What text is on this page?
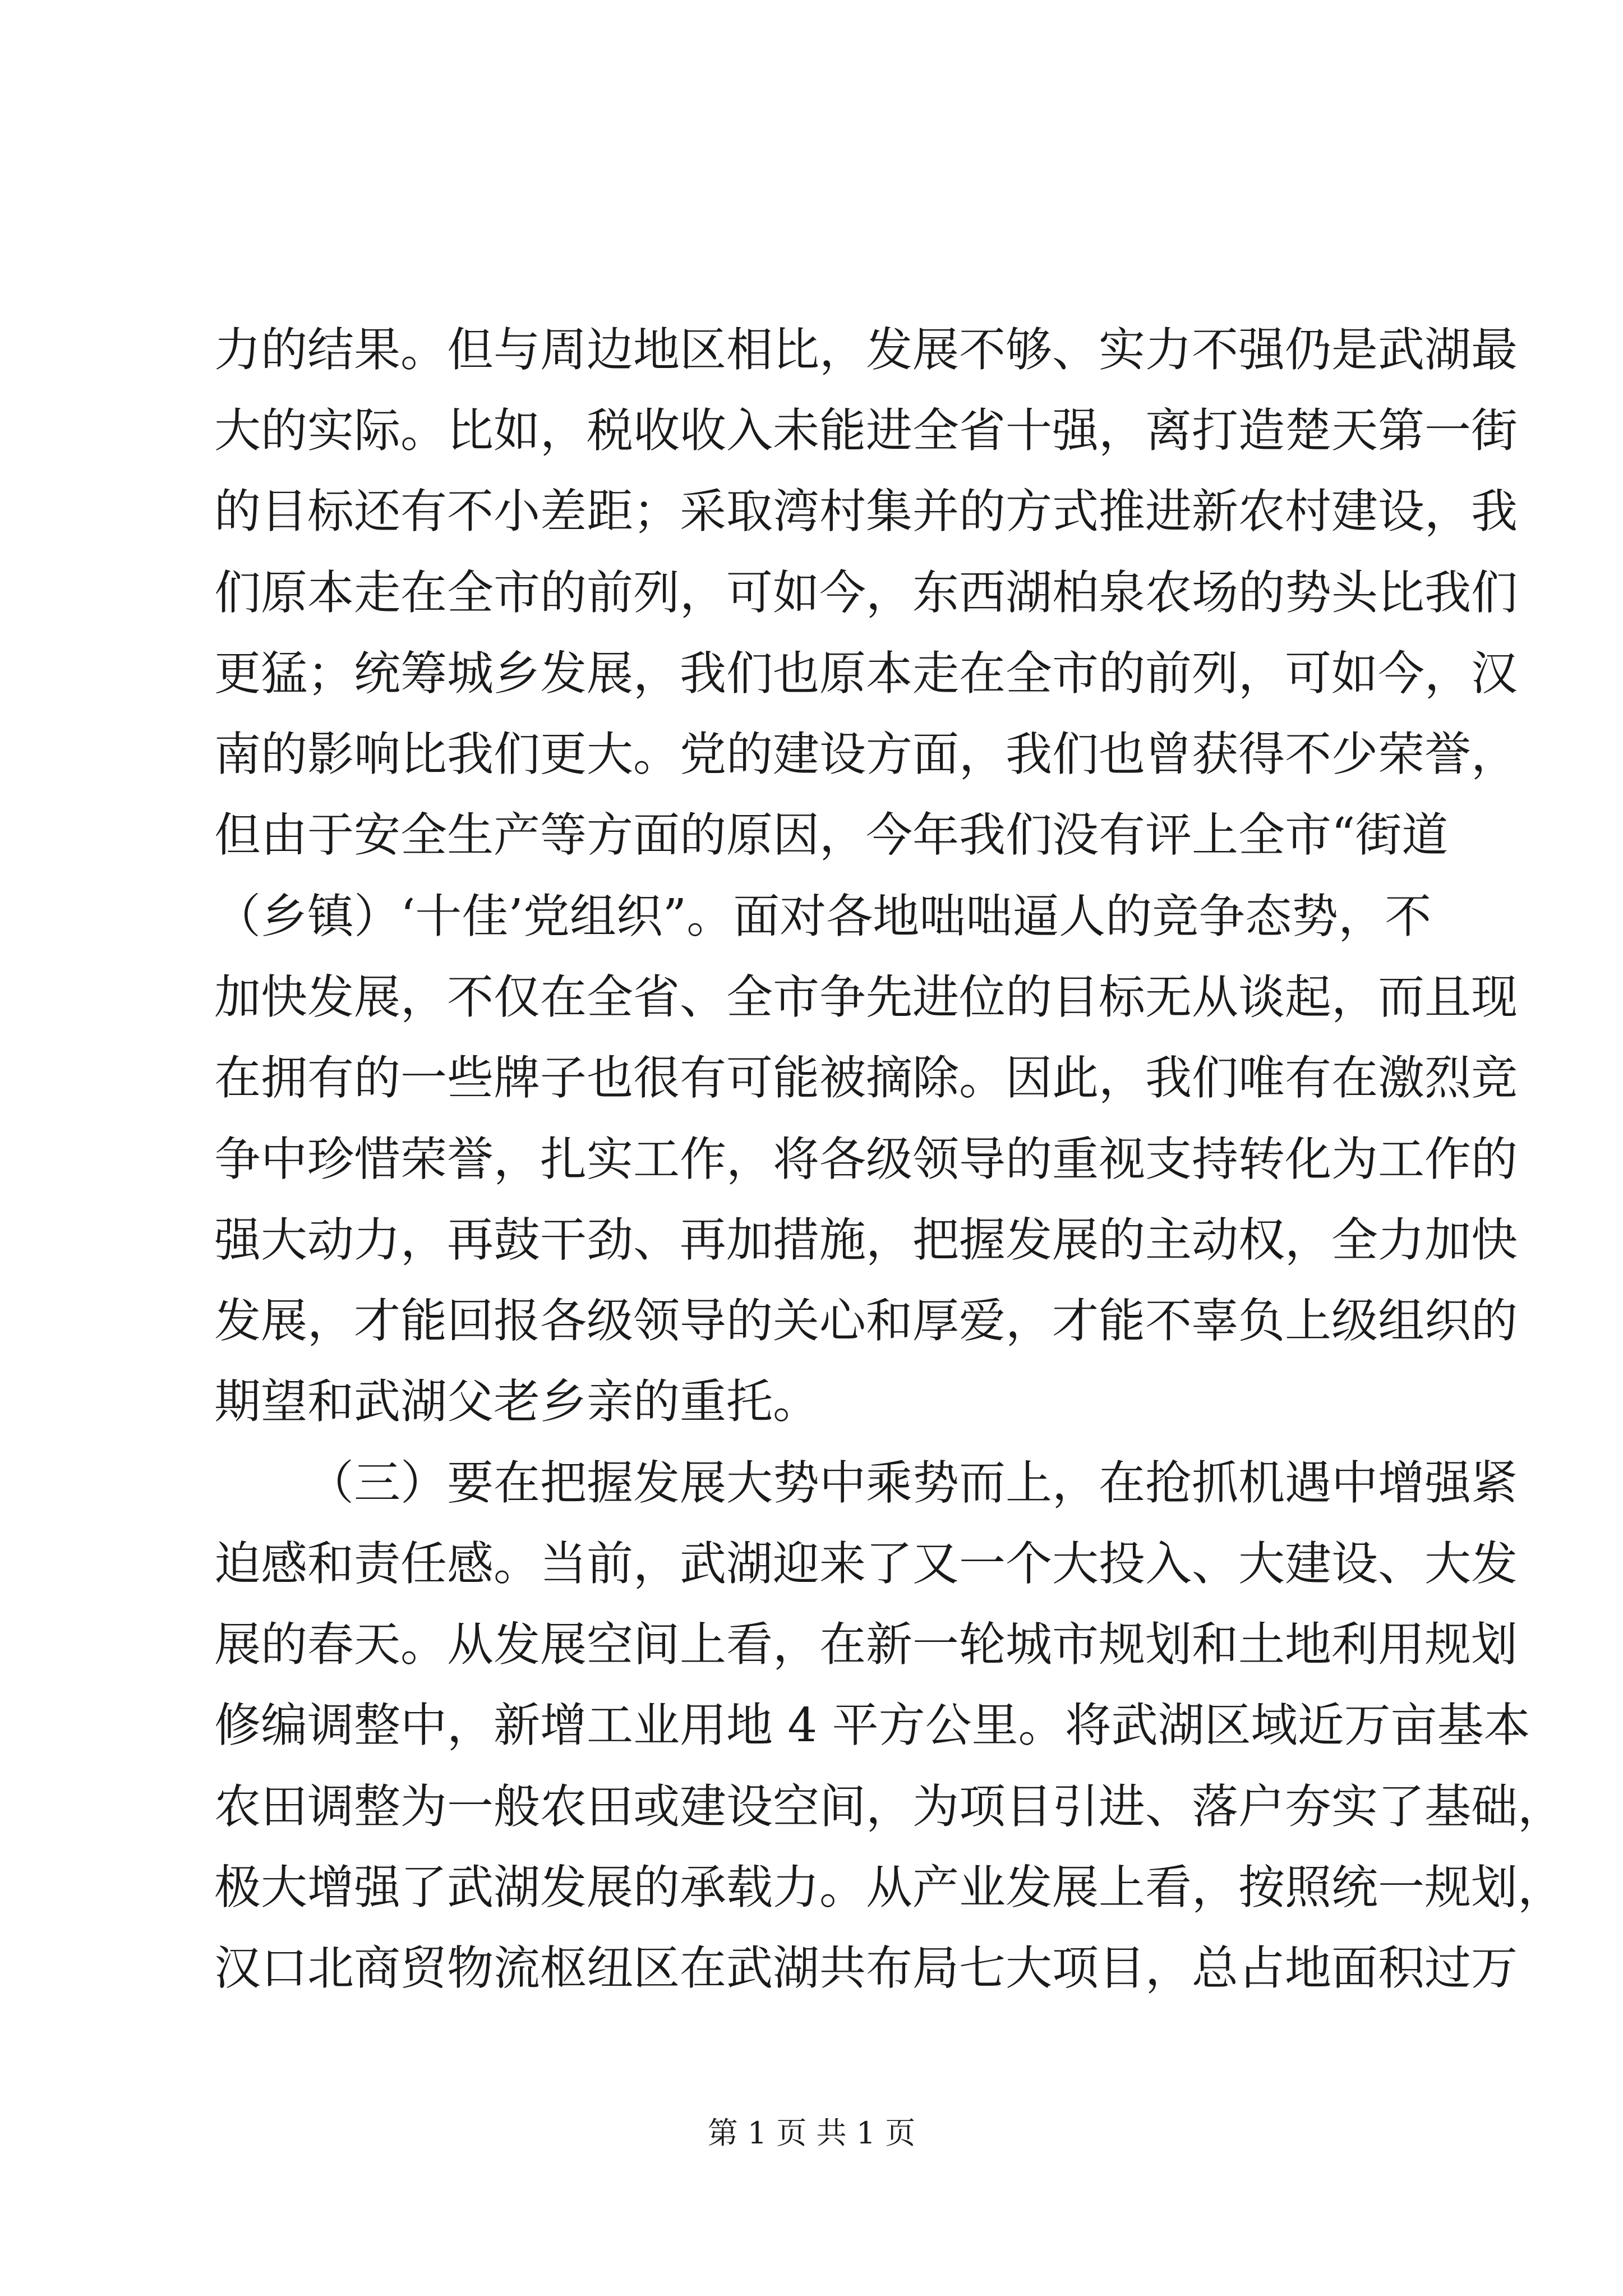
力的结果。但与周边地区相比，发展不够、实力不强仍是武湖最
大的实际。比如，税收收入未能进全省十强，离打造楚天第一街
的目标还有不小差距；采取湾村集并的方式推进新农村建设，我
们原本走在全市的前列，可如今，东西湖柏泉农场的势头比我们
更猛；统筹城乡发展，我们也原本走在全市的前列，可如今，汉
南的影响比我们更大。党的建设方面，我们也曾获得不少荣誉，
但由于安全生产等方面的原因，今年我们没有评上全市“街道
（乡镇）‘十佳’党组织”。面对各地咄咄逼人的竞争态势，不
加快发展，不仅在全省、全市争先进位的目标无从谈起，而且现
在拥有的一些牌子也很有可能被摘除。因此，我们唯有在激烈竞
争中珍惜荣誉，扎实工作，将各级领导的重视支持转化为工作的
强大动力，再鼓干劲、再加措施，把握发展的主动权，全力加快
发展，才能回报各级领导的关心和厚爱，才能不辜负上级组织的
期望和武湖父老乡亲的重托。
（三）要在把握发展大势中乘势而上，在抢抓机遇中增强紧
迫感和责任感。当前，武湖迎来了又一个大投入、大建设、大发
展的春天。从发展空间上看，在新一轮城市规划和土地利用规划
修编调整中，新增工业用地 4 平方公里。将武湖区域近万亩基本
农田调整为一般农田或建设空间，为项目引进、落户夯实了基础，
极大增强了武湖发展的承载力。从产业发展上看，按照统一规划，
汉口北商贸物流枢纽区在武湖共布局七大项目，总占地面积过万
第 1 页 共 1 页
